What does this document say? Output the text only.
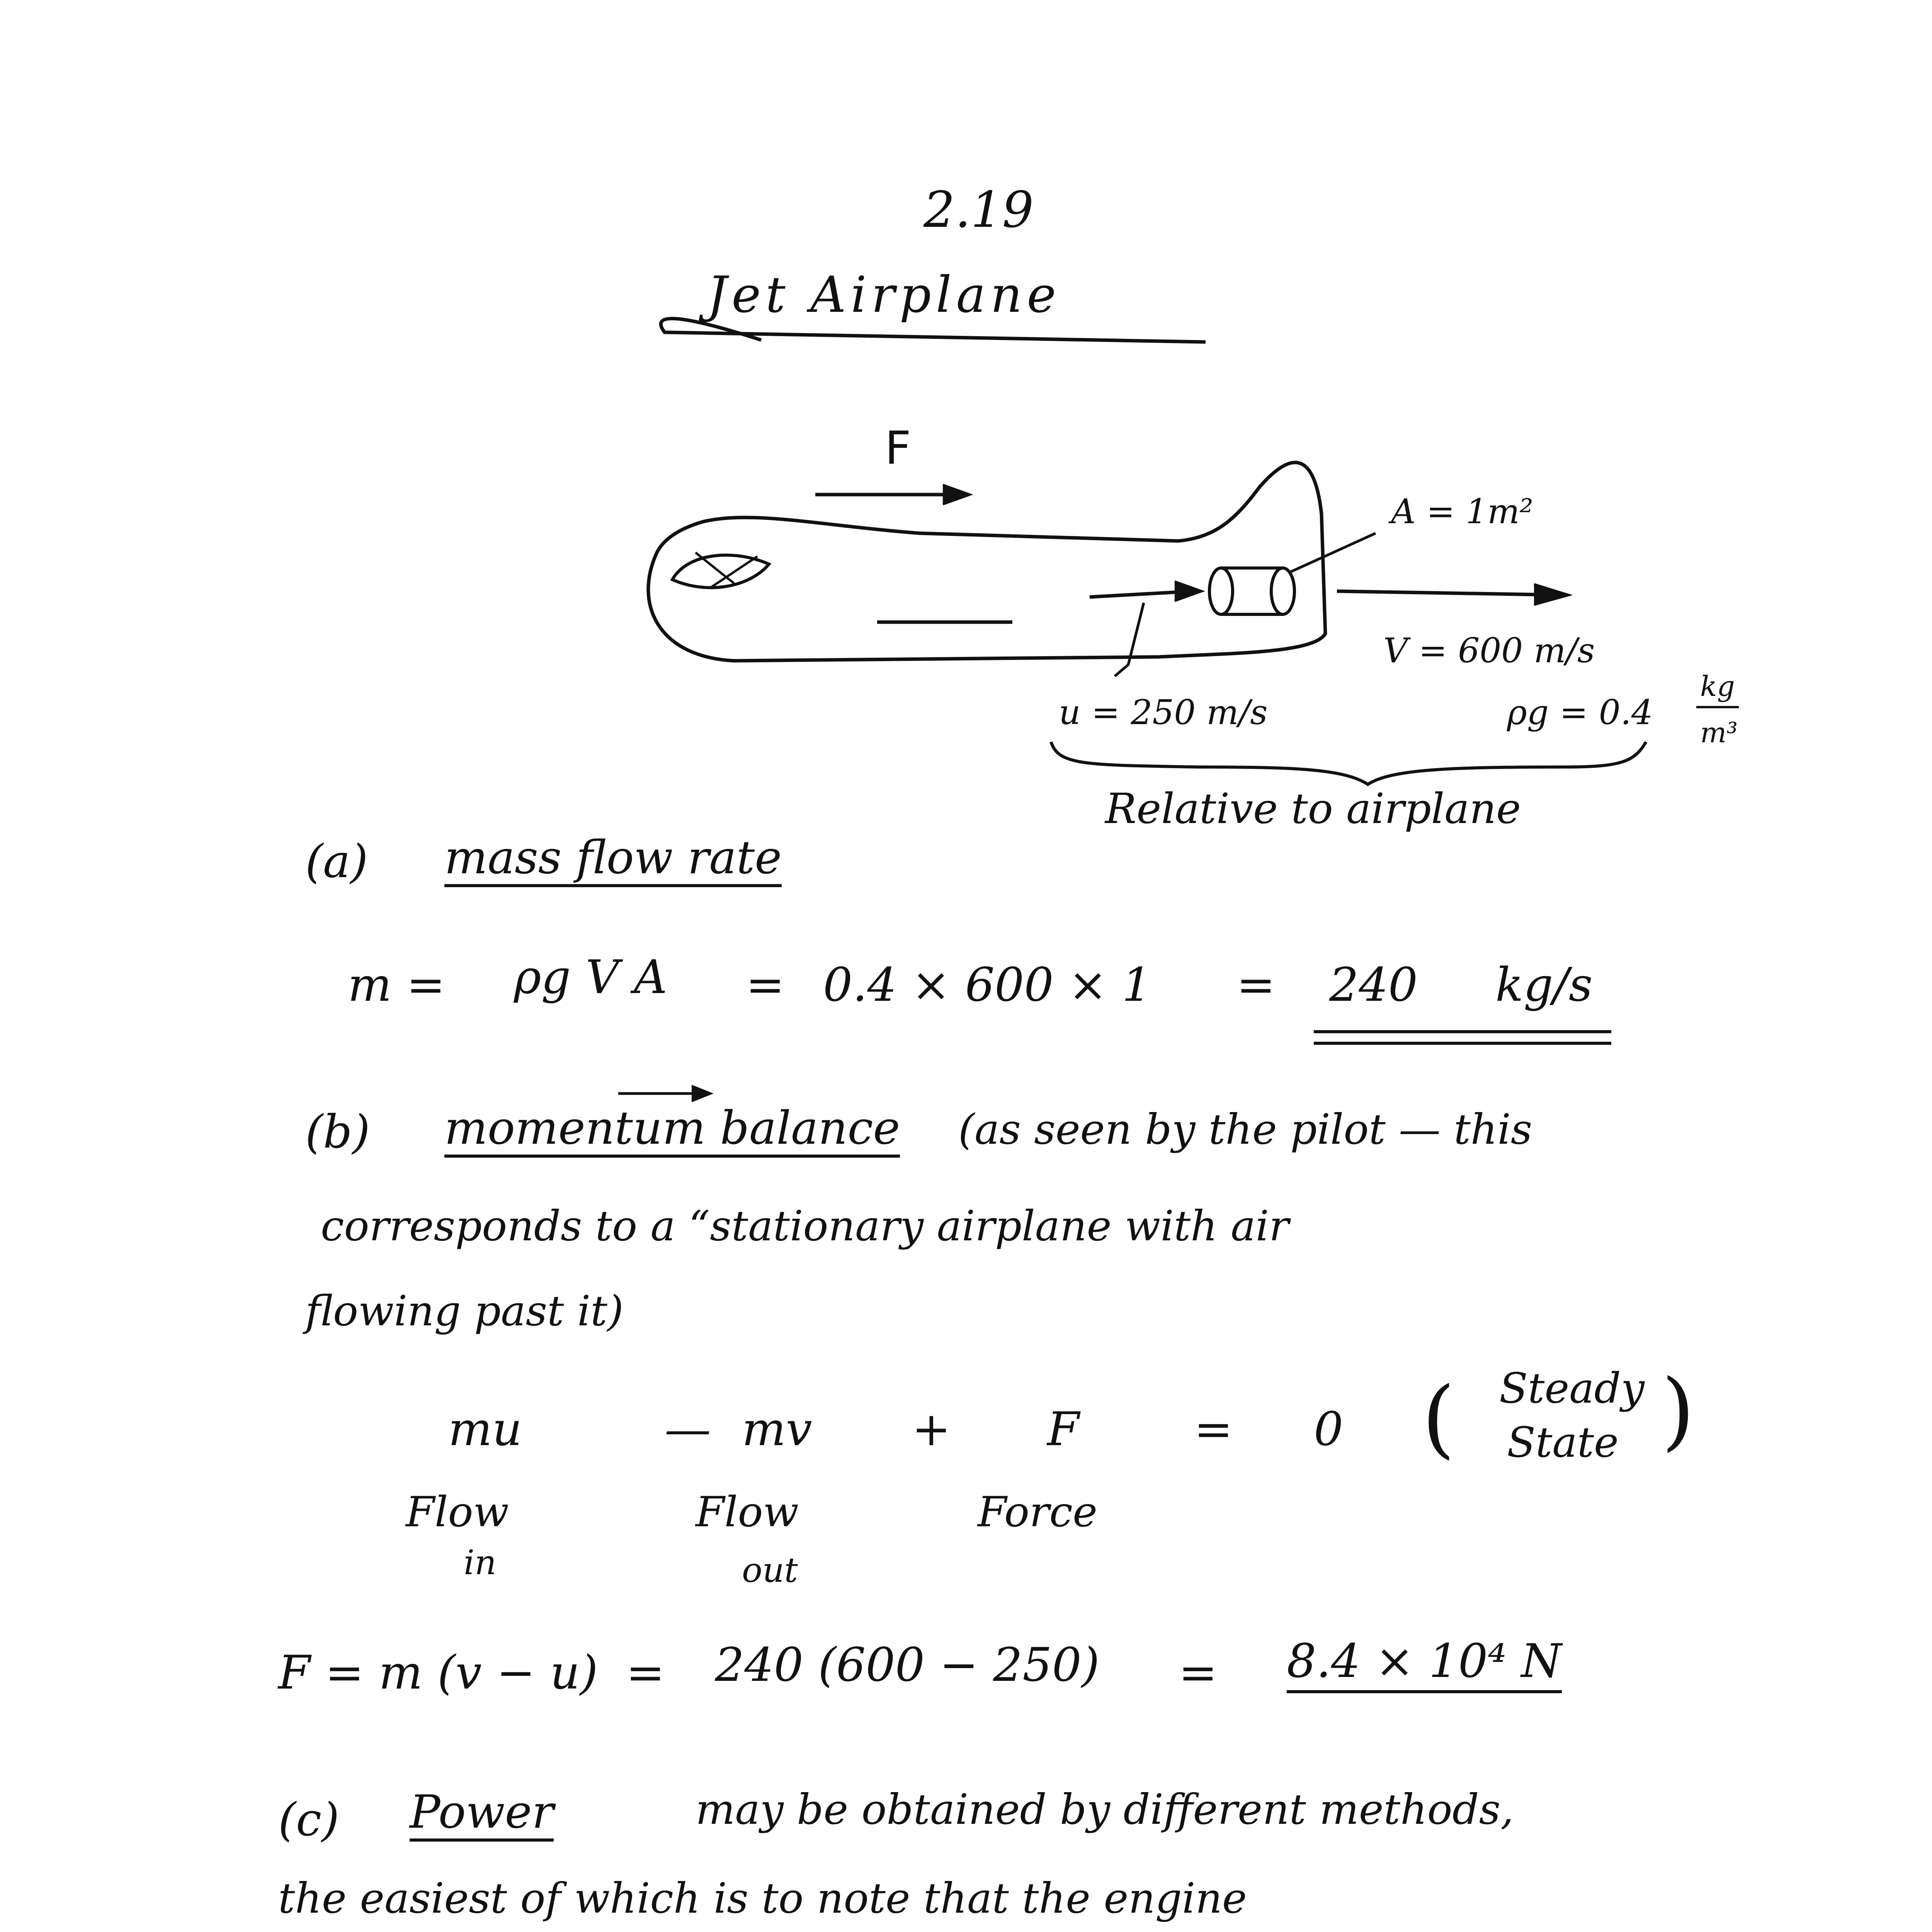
2.19
Jet Airplane
F
A = 1m²
V = 600 m/s
u = 250 m/s	ρg = 0.4
kg
m³
Relative to airplane
(a) mass flow rate
m = ρg V A = 0.4 × 600 × 1 = 240 kg/s
(b) momentum balance (as seen by the pilot — this
corresponds to a “stationary airplane with air
flowing past it)
mu	— mv + F = 0 ( Steady
State )
Flow
in
Flow
out
Force
F = m (v − u) = 240 (600 − 250) = 8.4 × 10⁴ N
(c) Power	may be obtained by different methods,
the easiest of which is to note that the engine
